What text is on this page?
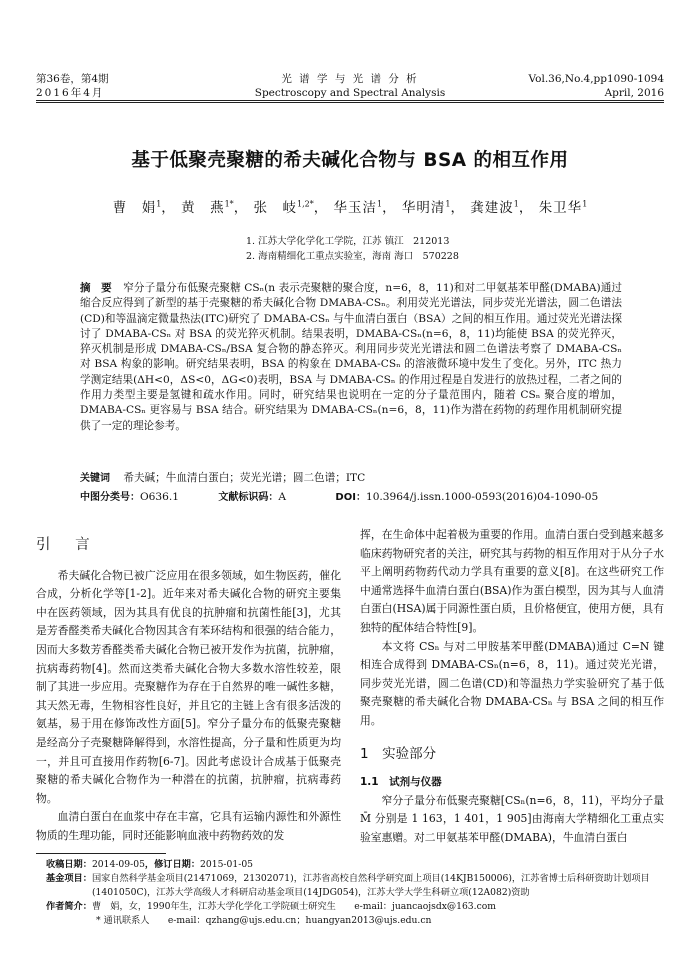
第36卷，第4期
2016年4月
光 谱 学 与 光 谱 分 析
Spectroscopy and Spectral Analysis
Vol.36,No.4,pp1090-1094
April, 2016
基于低聚壳聚糖的希夫碱化合物与 BSA 的相互作用
曹　娟$^1$， 黄　燕$^{1*}$， 张　岐$^{1,2*}$， 华玉洁$^1$， 华明清$^1$， 龚建波$^1$， 朱卫华$^1$
1. 江苏大学化学化工学院，江苏 镇江　212013
2. 海南精细化工重点实验室，海南 海口　570228
摘　要 窄分子量分布低聚壳聚糖 CSₙ(n 表示壳聚糖的聚合度，n=6，8，11)和对二甲氨基苯甲醛(DMABA)通过缩合反应得到了新型的基于壳聚糖的希夫碱化合物 DMABA-CSₙ。利用荧光光谱法，同步荧光光谱法，圆二色谱法(CD)和等温滴定微量热法(ITC)研究了 DMABA-CSₙ 与牛血清白蛋白（BSA）之间的相互作用。通过荧光光谱法探讨了 DMABA-CSₙ 对 BSA 的荧光猝灭机制。结果表明，DMABA-CSₙ(n=6，8，11)均能使 BSA 的荧光猝灭，猝灭机制是形成 DMABA-CSₙ/BSA 复合物的静态猝灭。利用同步荧光光谱法和圆二色谱法考察了 DMABA-CSₙ 对 BSA 构象的影响。研究结果表明，BSA 的构象在 DMABA-CSₙ 的溶液微环境中发生了变化。另外，ITC 热力学测定结果(ΔH<0，ΔS<0，ΔG<0)表明，BSA 与 DMABA-CSₙ 的作用过程是自发进行的放热过程，二者之间的作用力类型主要是氢键和疏水作用。同时，研究结果也说明在一定的分子量范围内，随着 CSₙ 聚合度的增加，DMABA-CSₙ 更容易与 BSA 结合。研究结果为 DMABA-CSₙ(n=6，8，11)作为潜在药物的药理作用机制研究提供了一定的理论参考。
关键词 希夫碱；牛血清白蛋白；荧光光谱；圆二色谱；ITC
中图分类号：O636.1	文献标识码：A	DOI：10.3964/j.issn.1000-0593(2016)04-1090-05
引 言

希夫碱化合物已被广泛应用在很多领域，如生物医药，催化合成，分析化学等[1-2]。近年来对希夫碱化合物的研究主要集中在医药领域，因为其具有优良的抗肿瘤和抗菌性能[3]，尤其是芳香醛类希夫碱化合物因其含有苯环结构和很强的结合能力，因而大多数芳香醛类希夫碱化合物已被开发作为抗菌，抗肿瘤，抗病毒药物[4]。然而这类希夫碱化合物大多数水溶性较差，限制了其进一步应用。壳聚糖作为存在于自然界的唯一碱性多糖，其天然无毒，生物相容性良好，并且它的主链上含有很多活泼的氨基，易于用在修饰改性方面[5]。窄分子量分布的低聚壳聚糖是经高分子壳聚糖降解得到，水溶性提高，分子量和性质更为均一，并且可直接用作药物[6-7]。因此考虑设计合成基于低聚壳聚糖的希夫碱化合物作为一种潜在的抗菌，抗肿瘤，抗病毒药物。

血清白蛋白在血浆中存在丰富，它具有运输内源性和外源性物质的生理功能，同时还能影响血液中药物药效的发

挥，在生命体中起着极为重要的作用。血清白蛋白受到越来越多临床药物研究者的关注，研究其与药物的相互作用对于从分子水平上阐明药物药代动力学具有重要的意义[8]。在这些研究工作中通常选择牛血清白蛋白(BSA)作为蛋白模型，因为其与人血清白蛋白(HSA)属于同源性蛋白质，且价格便宜，使用方便，具有独特的配体结合特性[9]。

本文将 CSₙ 与对二甲胺基苯甲醛(DMABA)通过 C=N 键相连合成得到 DMABA-CSₙ(n=6，8，11)。通过荧光光谱，同步荧光光谱，圆二色谱(CD)和等温热力学实验研究了基于低聚壳聚糖的希夫碱化合物 DMABA-CSₙ 与 BSA 之间的相互作用。

1　实验部分
1.1　试剂与仪器

窄分子量分布低聚壳聚糖[CSₙ(n=6，8，11)，平均分子量 M̄ 分别是 1 163，1 401，1 905]由海南大学精细化工重点实验室惠赠。对二甲氨基苯甲醛(DMABA)，牛血清白蛋白

收稿日期：2014-09-05，修订日期：2015-01-05
基金项目： 国家自然科学基金项目(21471069，21302071)，江苏省高校自然科学研究面上项目(14KJB150006)，江苏省博士后科研资助计划项目(1401050C)，江苏大学高级人才科研启动基金项目(14JDG054)，江苏大学大学生科研立项(12A082)资助
作者简介：曹　娟，女，1990年生，江苏大学化学化工学院硕士研究生　　e-mail：juancaojsdx@163.com
* 通讯联系人　　e-mail：qzhang@ujs.edu.cn；huangyan2013@ujs.edu.cn
